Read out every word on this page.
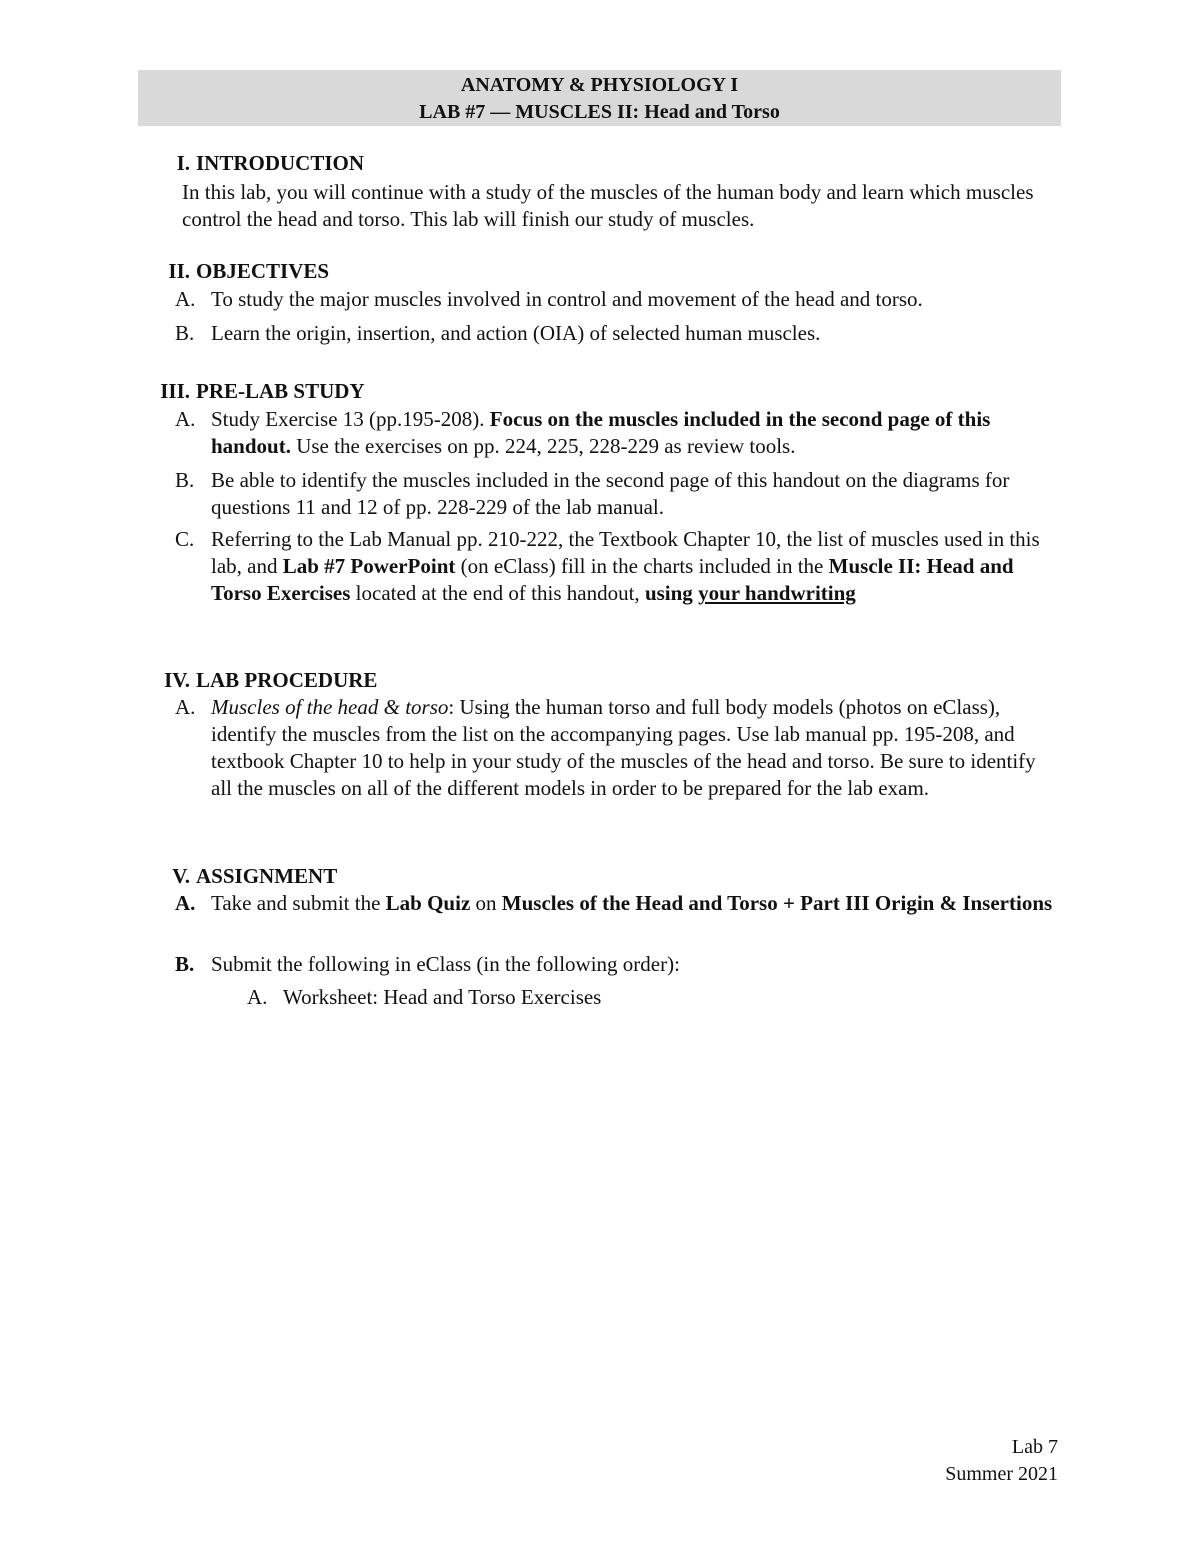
ANATOMY & PHYSIOLOGY I
LAB #7 — MUSCLES II: Head and Torso
I. INTRODUCTION
In this lab, you will continue with a study of the muscles of the human body and learn which muscles control the head and torso. This lab will finish our study of muscles.
II. OBJECTIVES
A. To study the major muscles involved in control and movement of the head and torso.
B. Learn the origin, insertion, and action (OIA) of selected human muscles.
III. PRE-LAB STUDY
A. Study Exercise 13 (pp.195-208). Focus on the muscles included in the second page of this handout. Use the exercises on pp. 224, 225, 228-229 as review tools.
B. Be able to identify the muscles included in the second page of this handout on the diagrams for questions 11 and 12 of pp. 228-229 of the lab manual.
C. Referring to the Lab Manual pp. 210-222, the Textbook Chapter 10, the list of muscles used in this lab, and Lab #7 PowerPoint (on eClass) fill in the charts included in the Muscle II: Head and Torso Exercises located at the end of this handout, using your handwriting
IV. LAB PROCEDURE
A. Muscles of the head & torso: Using the human torso and full body models (photos on eClass), identify the muscles from the list on the accompanying pages. Use lab manual pp. 195-208, and textbook Chapter 10 to help in your study of the muscles of the head and torso. Be sure to identify all the muscles on all of the different models in order to be prepared for the lab exam.
V. ASSIGNMENT
A. Take and submit the Lab Quiz on Muscles of the Head and Torso + Part III Origin & Insertions
B. Submit the following in eClass (in the following order):
A. Worksheet: Head and Torso Exercises
Lab 7
Summer 2021
